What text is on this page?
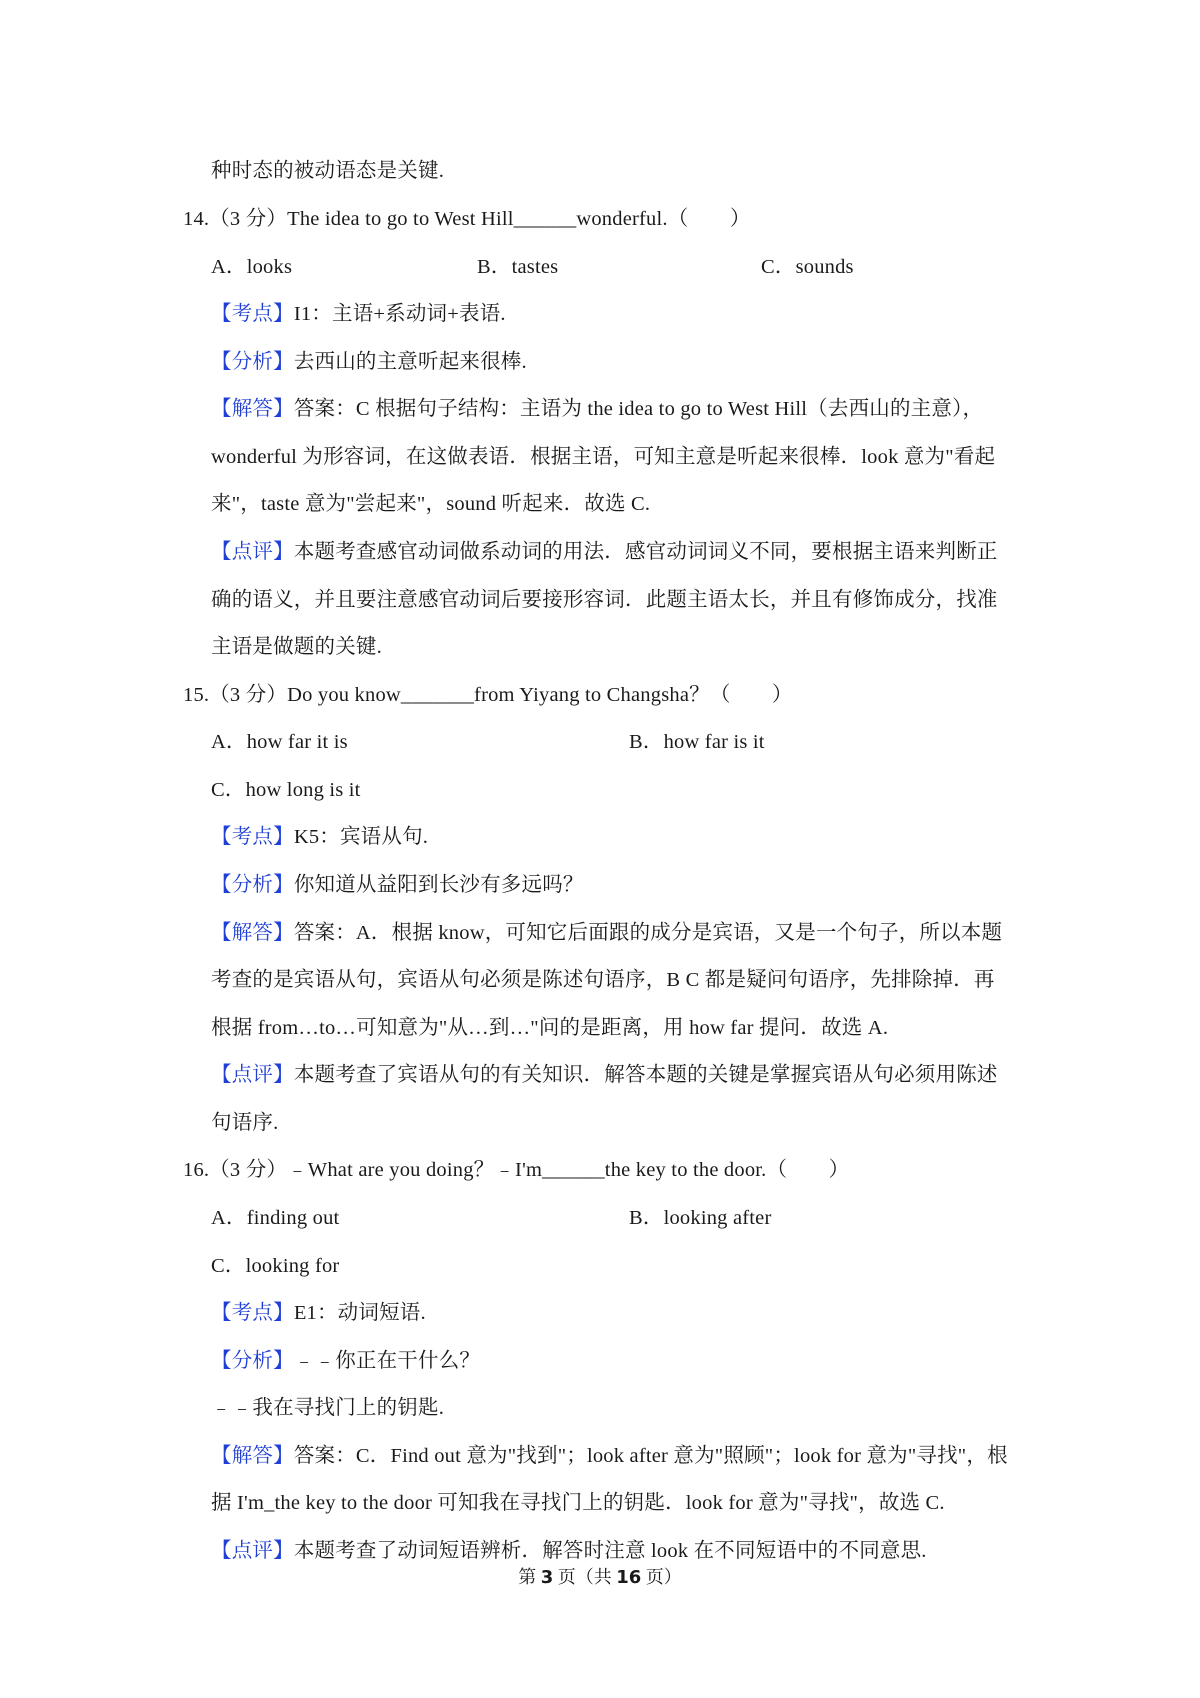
种时态的被动语态是关键.
14.（3 分）The idea to go to West Hill______wonderful.（　　）
A．looks	B．tastes	C．sounds
【考点】I1：主语+系动词+表语.
【分析】去西山的主意听起来很棒.
【解答】答案：C 根据句子结构：主语为 the idea to go to West Hill（去西山的主意），
wonderful 为形容词，在这做表语．根据主语，可知主意是听起来很棒．look 意为"看起
来"，taste 意为"尝起来"，sound 听起来．故选 C.
【点评】本题考查感官动词做系动词的用法．感官动词词义不同，要根据主语来判断正
确的语义，并且要注意感官动词后要接形容词．此题主语太长，并且有修饰成分，找准
主语是做题的关键.
15.（3 分）Do you know_______from Yiyang to Changsha？（　　）
A．how far it is	B．how far is it
C．how long is it
【考点】K5：宾语从句.
【分析】你知道从益阳到长沙有多远吗？
【解答】答案：A．根据 know，可知它后面跟的成分是宾语，又是一个句子，所以本题
考查的是宾语从句，宾语从句必须是陈述句语序，B C 都是疑问句语序，先排除掉．再
根据 from…to…可知意为"从…到…"问的是距离，用 how far 提问．故选 A.
【点评】本题考查了宾语从句的有关知识．解答本题的关键是掌握宾语从句必须用陈述
句语序.
16.（3 分）﹣What are you doing？﹣I'm______the key to the door.（　　）
A．finding out	B．looking after
C．looking for
【考点】E1：动词短语.
【分析】﹣﹣你正在干什么？
﹣﹣我在寻找门上的钥匙.
【解答】答案：C．Find out 意为"找到"；look after 意为"照顾"；look for 意为"寻找"，根
据 I'm_the key to the door 可知我在寻找门上的钥匙．look for 意为"寻找"，故选 C.
【点评】本题考查了动词短语辨析．解答时注意 look 在不同短语中的不同意思.
第 3 页（共 16 页）
